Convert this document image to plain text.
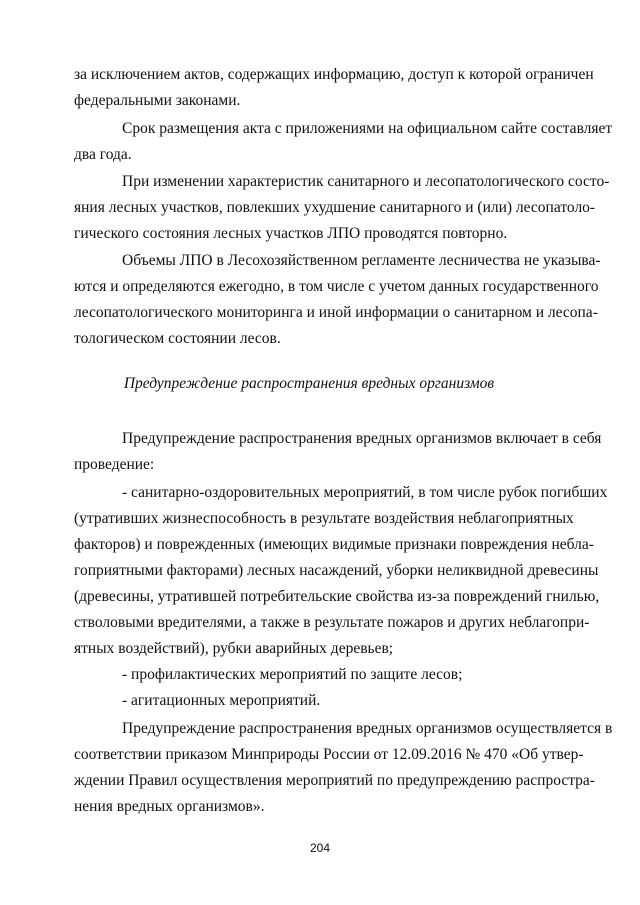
за исключением актов, содержащих информацию, доступ к которой ограничен
федеральными законами.
Срок размещения акта с приложениями на официальном сайте составляет
два года.
При изменении характеристик санитарного и лесопатологического состо-
яния лесных участков, повлекших ухудшение санитарного и (или) лесопатоло-
гического состояния лесных участков ЛПО проводятся повторно.
Объемы ЛПО в Лесохозяйственном регламенте лесничества не указыва-
ются и определяются ежегодно, в том числе с учетом данных государственного
лесопатологического мониторинга и иной информации о санитарном и лесопа-
тологическом состоянии лесов.
Предупреждение распространения вредных организмов
Предупреждение распространения вредных организмов включает в себя
проведение:
- санитарно-оздоровительных мероприятий, в том числе рубок погибших
(утративших жизнеспособность в результате воздействия неблагоприятных
факторов) и поврежденных (имеющих видимые признаки повреждения небла-
гоприятными факторами) лесных насаждений, уборки неликвидной древесины
(древесины, утратившей потребительские свойства из-за повреждений гнилью,
стволовыми вредителями, а также в результате пожаров и других неблагопри-
ятных воздействий), рубки аварийных деревьев;
- профилактических мероприятий по защите лесов;
- агитационных мероприятий.
Предупреждение распространения вредных организмов осуществляется в
соответствии приказом Минприроды России от 12.09.2016 № 470 «Об утвер-
ждении Правил осуществления мероприятий по предупреждению распростра-
нения вредных организмов».
204
